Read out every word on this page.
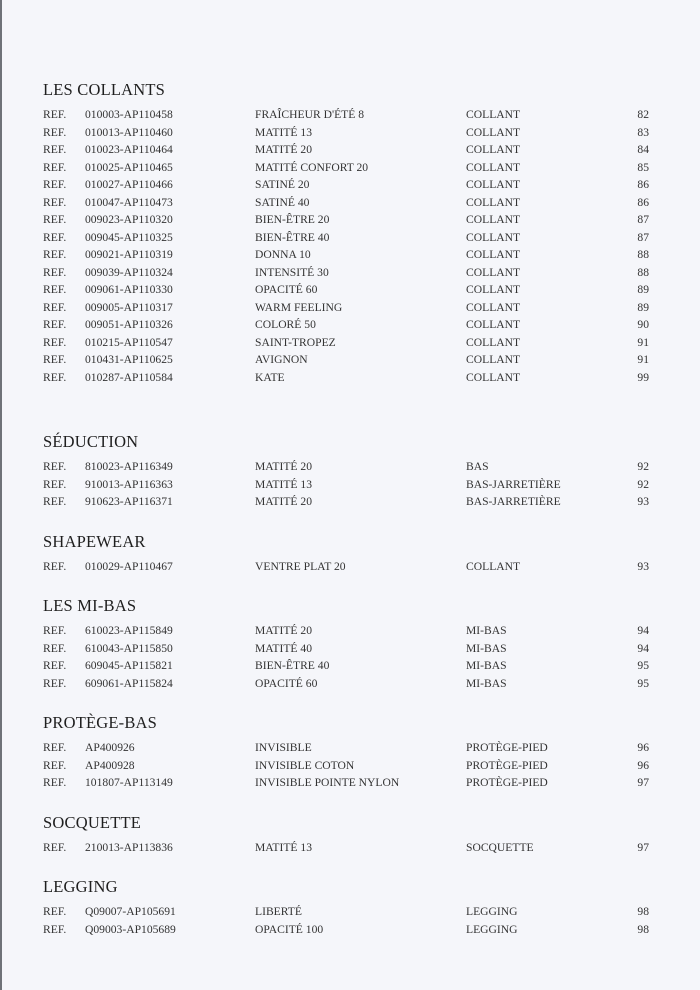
LES COLLANTS
REF.	010003-AP110458	FRAÎCHEUR D'ÉTÉ 8	COLLANT	82
REF.	010013-AP110460	MATITÉ 13	COLLANT	83
REF.	010023-AP110464	MATITÉ 20	COLLANT	84
REF.	010025-AP110465	MATITÉ CONFORT 20	COLLANT	85
REF.	010027-AP110466	SATINÉ 20	COLLANT	86
REF.	010047-AP110473	SATINÉ 40	COLLANT	86
REF.	009023-AP110320	BIEN-ÊTRE 20	COLLANT	87
REF.	009045-AP110325	BIEN-ÊTRE 40	COLLANT	87
REF.	009021-AP110319	DONNA 10	COLLANT	88
REF.	009039-AP110324	INTENSITÉ 30	COLLANT	88
REF.	009061-AP110330	OPACITÉ 60	COLLANT	89
REF.	009005-AP110317	WARM FEELING	COLLANT	89
REF.	009051-AP110326	COLORÉ 50	COLLANT	90
REF.	010215-AP110547	SAINT-TROPEZ	COLLANT	91
REF.	010431-AP110625	AVIGNON	COLLANT	91
REF.	010287-AP110584	KATE	COLLANT	99
SÉDUCTION
REF.	810023-AP116349	MATITÉ 20	BAS	92
REF.	910013-AP116363	MATITÉ 13	BAS-JARRETIÈRE	92
REF.	910623-AP116371	MATITÉ 20	BAS-JARRETIÈRE	93
SHAPEWEAR
REF.	010029-AP110467	VENTRE PLAT 20	COLLANT	93
LES MI-BAS
REF.	610023-AP115849	MATITÉ 20	MI-BAS	94
REF.	610043-AP115850	MATITÉ 40	MI-BAS	94
REF.	609045-AP115821	BIEN-ÊTRE 40	MI-BAS	95
REF.	609061-AP115824	OPACITÉ 60	MI-BAS	95
PROTÈGE-BAS
REF.	AP400926	INVISIBLE	PROTÈGE-PIED	96
REF.	AP400928	INVISIBLE COTON	PROTÈGE-PIED	96
REF.	101807-AP113149	INVISIBLE POINTE NYLON	PROTÈGE-PIED	97
SOCQUETTE
REF.	210013-AP113836	MATITÉ 13	SOCQUETTE	97
LEGGING
REF.	Q09007-AP105691	LIBERTÉ	LEGGING	98
REF.	Q09003-AP105689	OPACITÉ 100	LEGGING	98
